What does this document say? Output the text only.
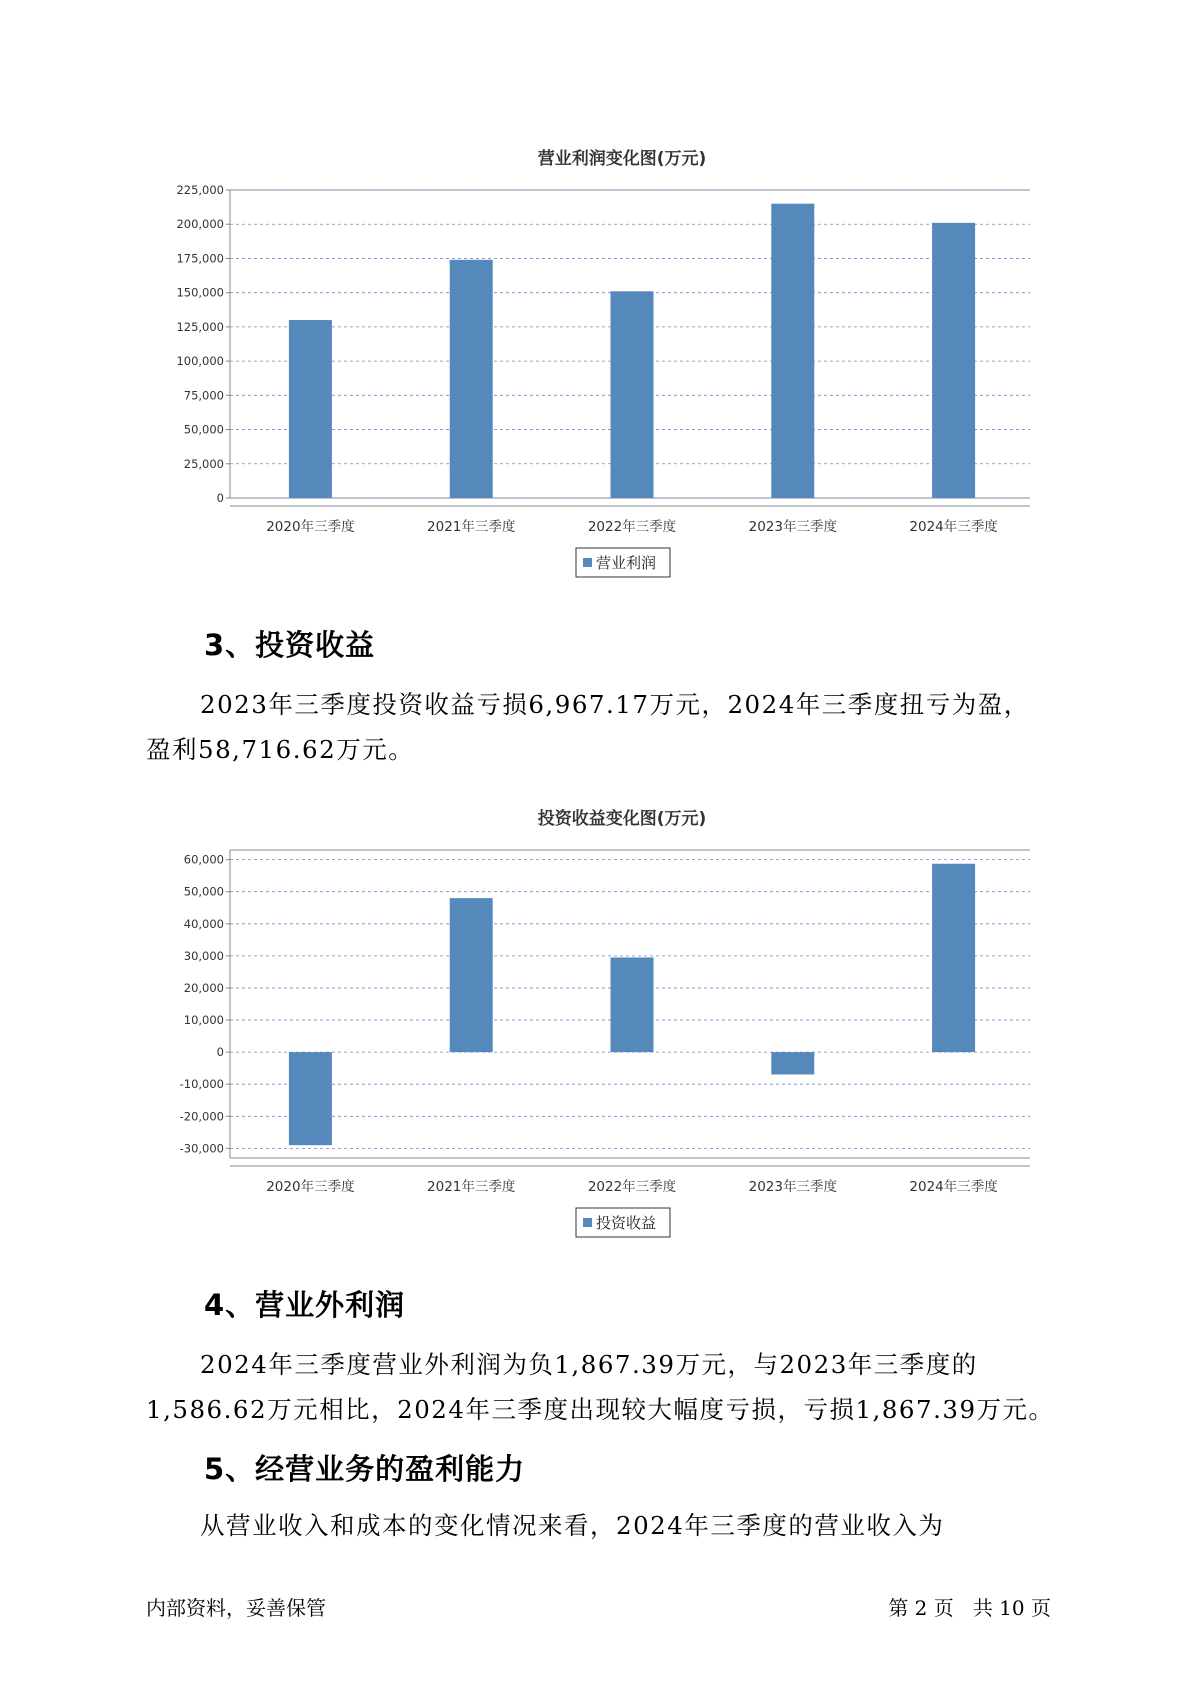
营业利润变化图(万元)
0
25,000
50,000
75,000
100,000
125,000
150,000
175,000
200,000
225,000
2020年三季度	2021年三季度	2022年三季度	2023年三季度	2024年三季度
营业利润
3、投资收益

2023年三季度投资收益亏损6,967.17万元，2024年三季度扭亏为盈，
盈利58,716.62万元。

投资收益变化图(万元)
-30,000
-20,000
-10,000
0
10,000
20,000
30,000
40,000
50,000
60,000
2020年三季度	2021年三季度	2022年三季度	2023年三季度	2024年三季度
投资收益
4、营业外利润

2024年三季度营业外利润为负1,867.39万元，与2023年三季度的
1,586.62万元相比，2024年三季度出现较大幅度亏损，亏损1,867.39万元。

5、经营业务的盈利能力

从营业收入和成本的变化情况来看，2024年三季度的营业收入为

内部资料，妥善保管	第 2 页   共 10 页
